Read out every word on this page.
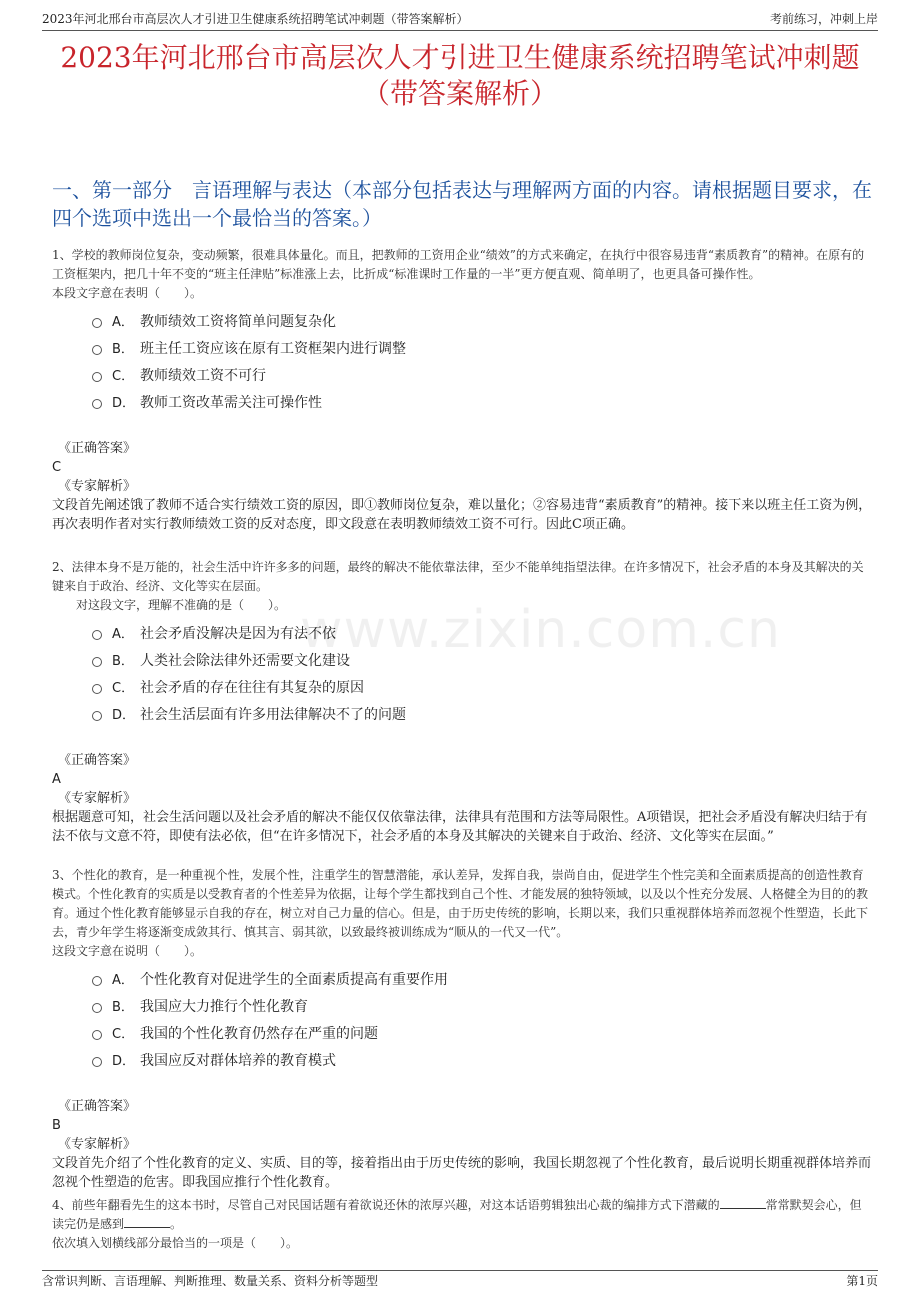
2023年河北邢台市高层次人才引进卫生健康系统招聘笔试冲刺题（带答案解析）	考前练习，冲刺上岸
2023年河北邢台市高层次人才引进卫生健康系统招聘笔试冲刺题（带答案解析）
一、第一部分　言语理解与表达（本部分包括表达与理解两方面的内容。请根据题目要求，在四个选项中选出一个最恰当的答案。）
1、学校的教师岗位复杂，变动频繁，很难具体量化。而且，把教师的工资用企业“绩效”的方式来确定，在执行中很容易违背“素质教育”的精神。在原有的工资框架内，把几十年不变的“班主任津贴”标准涨上去，比折成“标准课时工作量的一半”更方便直观、简单明了，也更具备可操作性。
本段文字意在表明（　　）。
A． 教师绩效工资将简单问题复杂化
B． 班主任工资应该在原有工资框架内进行调整
C． 教师绩效工资不可行
D． 教师工资改革需关注可操作性
《正确答案》
C
《专家解析》
文段首先阐述饿了教师不适合实行绩效工资的原因，即①教师岗位复杂，难以量化；②容易违背“素质教育”的精神。接下来以班主任工资为例，再次表明作者对实行教师绩效工资的反对态度，即文段意在表明教师绩效工资不可行。因此C项正确。
2、法律本身不是万能的，社会生活中许许多多的问题，最终的解决不能依靠法律，至少不能单纯指望法律。在许多情况下，社会矛盾的本身及其解决的关键来自于政治、经济、文化等实在层面。
对这段文字，理解不准确的是（　　）。
A． 社会矛盾没解决是因为有法不依
B． 人类社会除法律外还需要文化建设
C． 社会矛盾的存在往往有其复杂的原因
D． 社会生活层面有许多用法律解决不了的问题
《正确答案》
A
《专家解析》
根据题意可知，社会生活问题以及社会矛盾的解决不能仅仅依靠法律，法律具有范围和方法等局限性。A项错误，把社会矛盾没有解决归结于有法不依与文意不符，即使有法必依，但“在许多情况下，社会矛盾的本身及其解决的关键来自于政治、经济、文化等实在层面。”
3、个性化的教育，是一种重视个性，发展个性，注重学生的智慧潜能，承认差异，发挥自我，崇尚自由，促进学生个性完美和全面素质提高的创造性教育模式。个性化教育的实质是以受教育者的个性差异为依据，让每个学生都找到自己个性、才能发展的独特领域，以及以个性充分发展、人格健全为目的的教育。通过个性化教育能够显示自我的存在，树立对自己力量的信心。但是，由于历史传统的影响，长期以来，我们只重视群体培养而忽视个性塑造，长此下去，青少年学生将逐渐变成敛其行、慎其言、弱其欲，以致最终被训练成为“顺从的一代又一代”。
这段文字意在说明（　　）。
A． 个性化教育对促进学生的全面素质提高有重要作用
B． 我国应大力推行个性化教育
C． 我国的个性化教育仍然存在严重的问题
D． 我国应反对群体培养的教育模式
《正确答案》
B
《专家解析》
文段首先介绍了个性化教育的定义、实质、目的等，接着指出由于历史传统的影响，我国长期忽视了个性化教育，最后说明长期重视群体培养而忽视个性塑造的危害。即我国应推行个性化教育。
4、前些年翻看先生的这本书时，尽管自己对民国话题有着欲说还休的浓厚兴趣，对这本话语剪辑独出心裁的编排方式下潜藏的	常常默契会心，但读完仍是感到	。
依次填入划横线部分最恰当的一项是（　　）。
www.zixin.com.cn
含常识判断、言语理解、判断推理、数量关系、资料分析等题型	第1页
